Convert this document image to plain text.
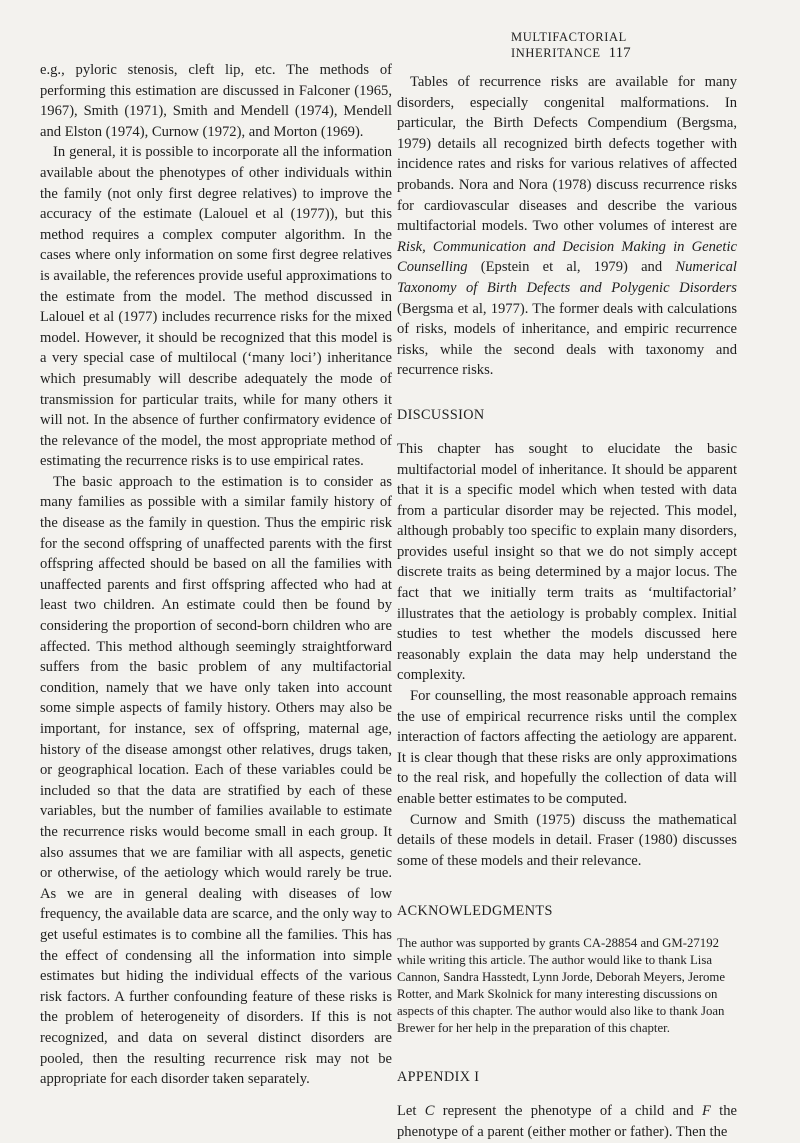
MULTIFACTORIAL INHERITANCE 117

e.g., pyloric stenosis, cleft lip, etc. The methods of performing this estimation are discussed in Falconer (1965, 1967), Smith (1971), Smith and Mendell (1974), Mendell and Elston (1974), Curnow (1972), and Morton (1969).

In general, it is possible to incorporate all the information available about the phenotypes of other individuals within the family (not only first degree relatives) to improve the accuracy of the estimate (Lalouel et al (1977)), but this method requires a complex computer algorithm. In the cases where only information on some first degree relatives is available, the references provide useful approximations to the estimate from the model. The method discussed in Lalouel et al (1977) includes recurrence risks for the mixed model. However, it should be recognized that this model is a very special case of multilocal (‘many loci’) inheritance which presumably will describe adequately the mode of transmission for particular traits, while for many others it will not. In the absence of further confirmatory evidence of the relevance of the model, the most appropriate method of estimating the recurrence risks is to use empirical rates.

The basic approach to the estimation is to consider as many families as possible with a similar family history of the disease as the family in question. Thus the empiric risk for the second offspring of unaffected parents with the first offspring affected should be based on all the families with unaffected parents and first offspring affected who had at least two children. An estimate could then be found by considering the proportion of second-born children who are affected. This method although seemingly straightforward suffers from the basic problem of any multifactorial condition, namely that we have only taken into account some simple aspects of family history. Others may also be important, for instance, sex of offspring, maternal age, history of the disease amongst other relatives, drugs taken, or geographical location. Each of these variables could be included so that the data are stratified by each of these variables, but the number of families available to estimate the recurrence risks would become small in each group. It also assumes that we are familiar with all aspects, genetic or otherwise, of the aetiology which would rarely be true. As we are in general dealing with diseases of low frequency, the available data are scarce, and the only way to get useful estimates is to combine all the families. This has the effect of condensing all the information into simple estimates but hiding the individual effects of the various risk factors. A further confounding feature of these risks is the problem of heterogeneity of disorders. If this is not recognized, and data on several distinct disorders are pooled, then the resulting recurrence risk may not be appropriate for each disorder taken separately.

Tables of recurrence risks are available for many disorders, especially congenital malformations. In particular, the Birth Defects Compendium (Bergsma, 1979) details all recognized birth defects together with incidence rates and risks for various relatives of affected probands. Nora and Nora (1978) discuss recurrence risks for cardiovascular diseases and describe the various multifactorial models. Two other volumes of interest are Risk, Communication and Decision Making in Genetic Counselling (Epstein et al, 1979) and Numerical Taxonomy of Birth Defects and Polygenic Disorders (Bergsma et al, 1977). The former deals with calculations of risks, models of inheritance, and empiric recurrence risks, while the second deals with taxonomy and recurrence risks.

DISCUSSION

This chapter has sought to elucidate the basic multifactorial model of inheritance. It should be apparent that it is a specific model which when tested with data from a particular disorder may be rejected. This model, although probably too specific to explain many disorders, provides useful insight so that we do not simply accept discrete traits as being determined by a major locus. The fact that we initially term traits as ‘multifactorial’ illustrates that the aetiology is probably complex. Initial studies to test whether the models discussed here reasonably explain the data may help understand the complexity.

For counselling, the most reasonable approach remains the use of empirical recurrence risks until the complex interaction of factors affecting the aetiology are apparent. It is clear though that these risks are only approximations to the real risk, and hopefully the collection of data will enable better estimates to be computed.

Curnow and Smith (1975) discuss the mathematical details of these models in detail. Fraser (1980) discusses some of these models and their relevance.

ACKNOWLEDGMENTS

The author was supported by grants CA-28854 and GM-27192 while writing this article. The author would like to thank Lisa Cannon, Sandra Hasstedt, Lynn Jorde, Deborah Meyers, Jerome Rotter, and Mark Skolnick for many interesting discussions on aspects of this chapter. The author would also like to thank Joan Brewer for her help in the preparation of this chapter.

APPENDIX I

Let C represent the phenotype of a child and F the phenotype of a parent (either mother or father). Then the
